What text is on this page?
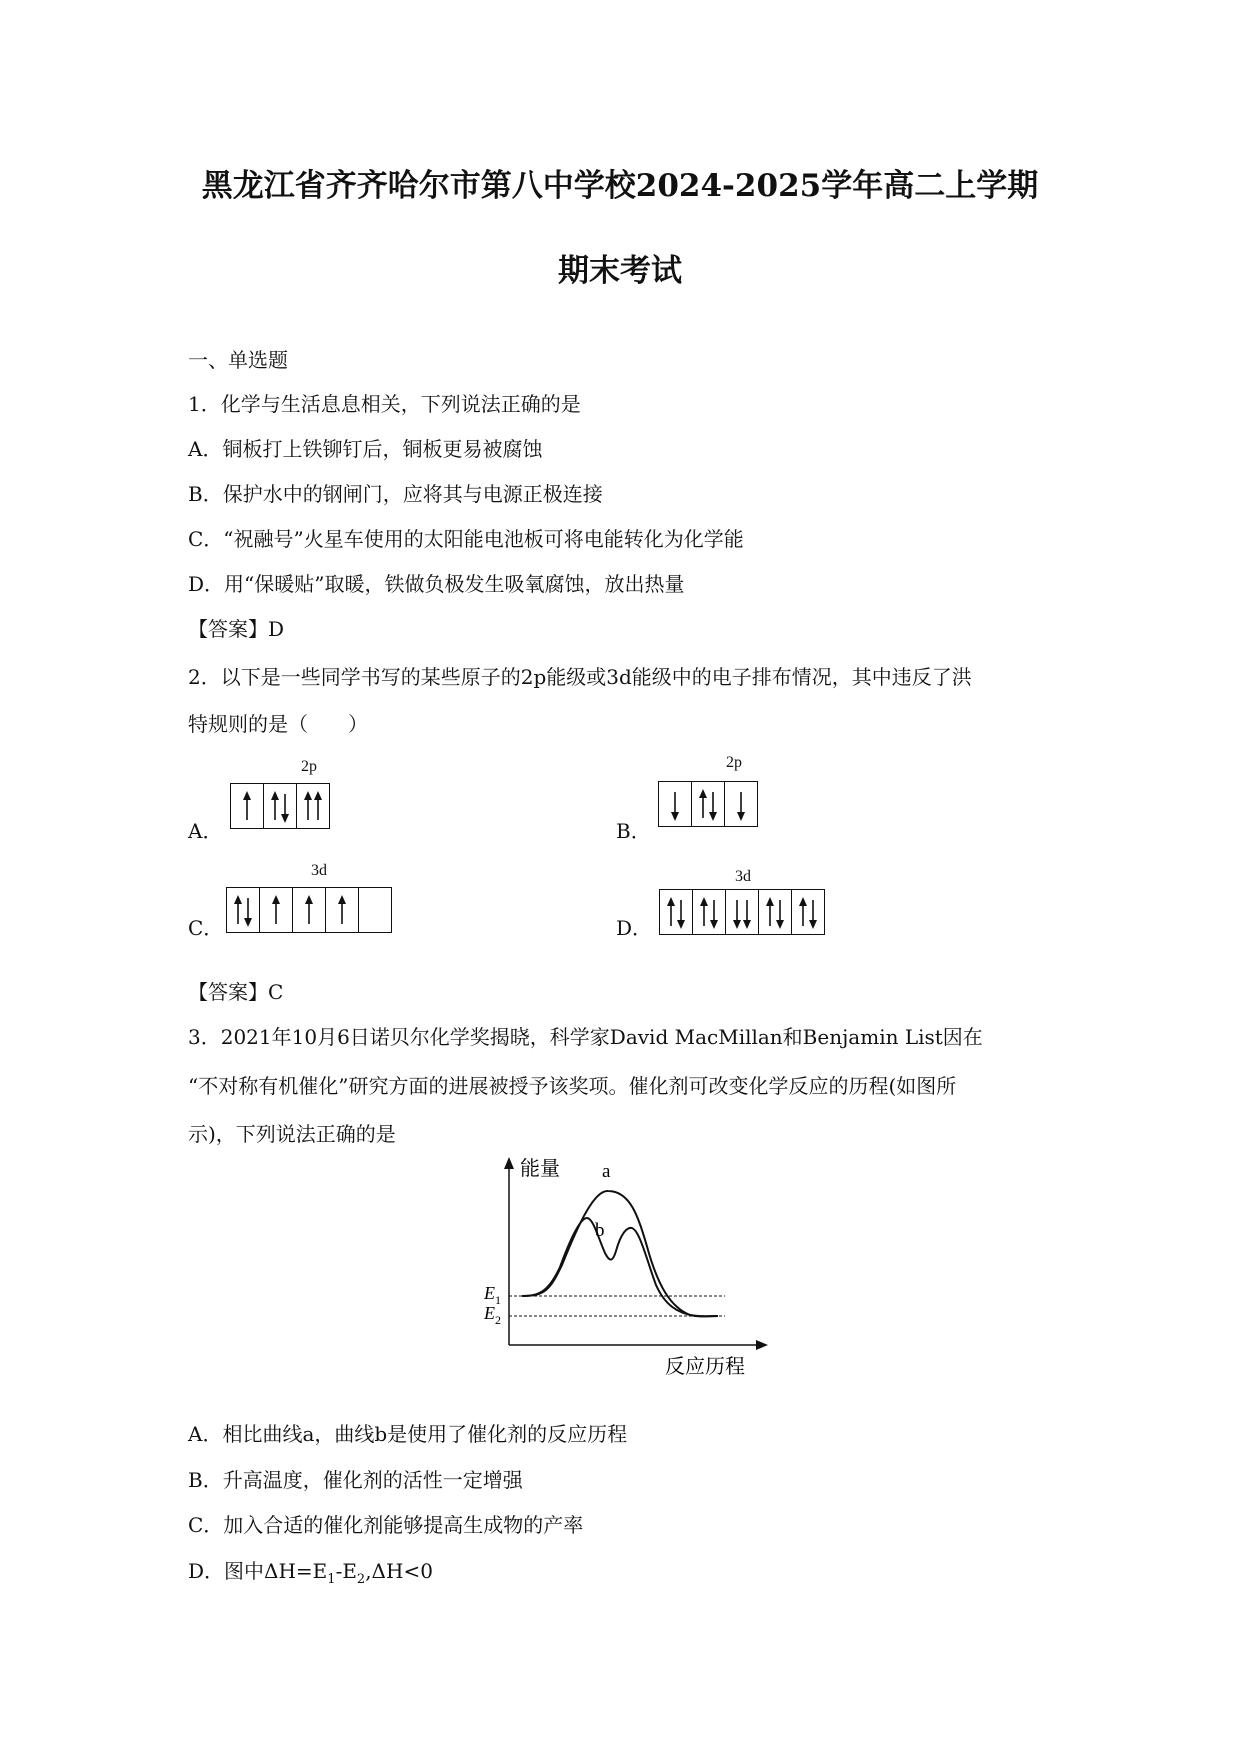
黑龙江省齐齐哈尔市第八中学校2024-2025学年高二上学期
期末考试
一、单选题
1．化学与生活息息相关，下列说法正确的是
A．铜板打上铁铆钉后，铜板更易被腐蚀
B．保护水中的钢闸门，应将其与电源正极连接
C．“祝融号”火星车使用的太阳能电池板可将电能转化为化学能
D．用“保暖贴”取暖，铁做负极发生吸氧腐蚀，放出热量
【答案】D
2．以下是一些同学书写的某些原子的2p能级或3d能级中的电子排布情况，其中违反了洪
特规则的是（　　）
2p
A．
2p
B．
3d
C．
3d
D．
【答案】C
3．2021年10月6日诺贝尔化学奖揭晓，科学家David MacMillan和Benjamin List因在
“不对称有机催化”研究方面的进展被授予该奖项。催化剂可改变化学反应的历程(如图所
示)，下列说法正确的是
能量 a
b
反应历程
$E_1$
$E_2$
A．相比曲线a，曲线b是使用了催化剂的反应历程
B．升高温度，催化剂的活性一定增强
C．加入合适的催化剂能够提高生成物的产率
D．图中$\Delta H=E_1-E_2,\Delta H<0$
